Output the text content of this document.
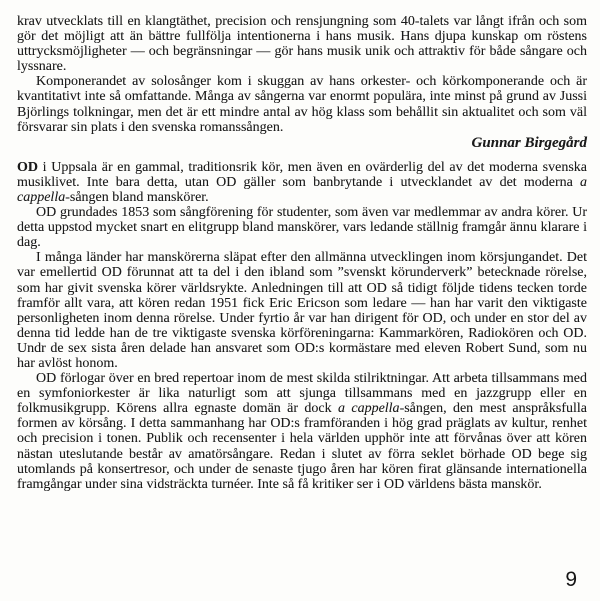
krav utvecklats till en klangtäthet, precision och rensjungning som 40-talets var långt ifrån och som gör det möjligt att än bättre fullfölja intentionerna i hans musik. Hans djupa kunskap om röstens uttrycksmöjligheter — och begränsningar — gör hans musik unik och attraktiv för både sångare och lyssnare.

Komponerandet av solosånger kom i skuggan av hans orkester- och körkomponerande och är kvantitativt inte så omfattande. Många av sångerna var enormt populära, inte minst på grund av Jussi Björlings tolkningar, men det är ett mindre antal av hög klass som behållit sin aktualitet och som väl försvarar sin plats i den svenska romanssången.

Gunnar Birgegård

OD i Uppsala är en gammal, traditionsrik kör, men även en ovärderlig del av det moderna svenska musiklivet. Inte bara detta, utan OD gäller som banbrytande i utvecklandet av det moderna a cappella-sången bland manskörer.

OD grundades 1853 som sångförening för studenter, som även var medlemmar av andra körer. Ur detta uppstod mycket snart en elitgrupp bland manskörer, vars ledande ställnig framgår ännu klarare i dag.

I många länder har manskörerna släpat efter den allmänna utvecklingen inom körsjungandet. Det var emellertid OD förunnat att ta del i den ibland som ”svenskt körunderverk” betecknade rörelse, som har givit svenska körer världsrykte. Anledningen till att OD så tidigt följde tidens tecken torde framför allt vara, att kören redan 1951 fick Eric Ericson som ledare — han har varit den viktigaste personligheten inom denna rörelse. Under fyrtio år var han dirigent för OD, och under en stor del av denna tid ledde han de tre viktigaste svenska körföreningarna: Kammarkören, Radiokören och OD. Undr de sex sista åren delade han ansvaret som OD:s kormästare med eleven Robert Sund, som nu har avlöst honom.

OD förlogar över en bred repertoar inom de mest skilda stilriktningar. Att arbeta tillsammans med en symfoniorkester är lika naturligt som att sjunga tillsammans med en jazzgrupp eller en folkmusikgrupp. Körens allra egnaste domän är dock a cappella-sången, den mest anspråksfulla formen av körsång. I detta sammanhang har OD:s framföranden i hög grad präglats av kultur, renhet och precision i tonen. Publik och recensenter i hela världen upphör inte att förvånas över att kören nästan uteslutande består av amatörsångare. Redan i slutet av förra seklet börhade OD bege sig utomlands på konsertresor, och under de senaste tjugo åren har kören firat glänsande internationella framgångar under sina vidsträckta turnéer. Inte så få kritiker ser i OD världens bästa manskör.

9
